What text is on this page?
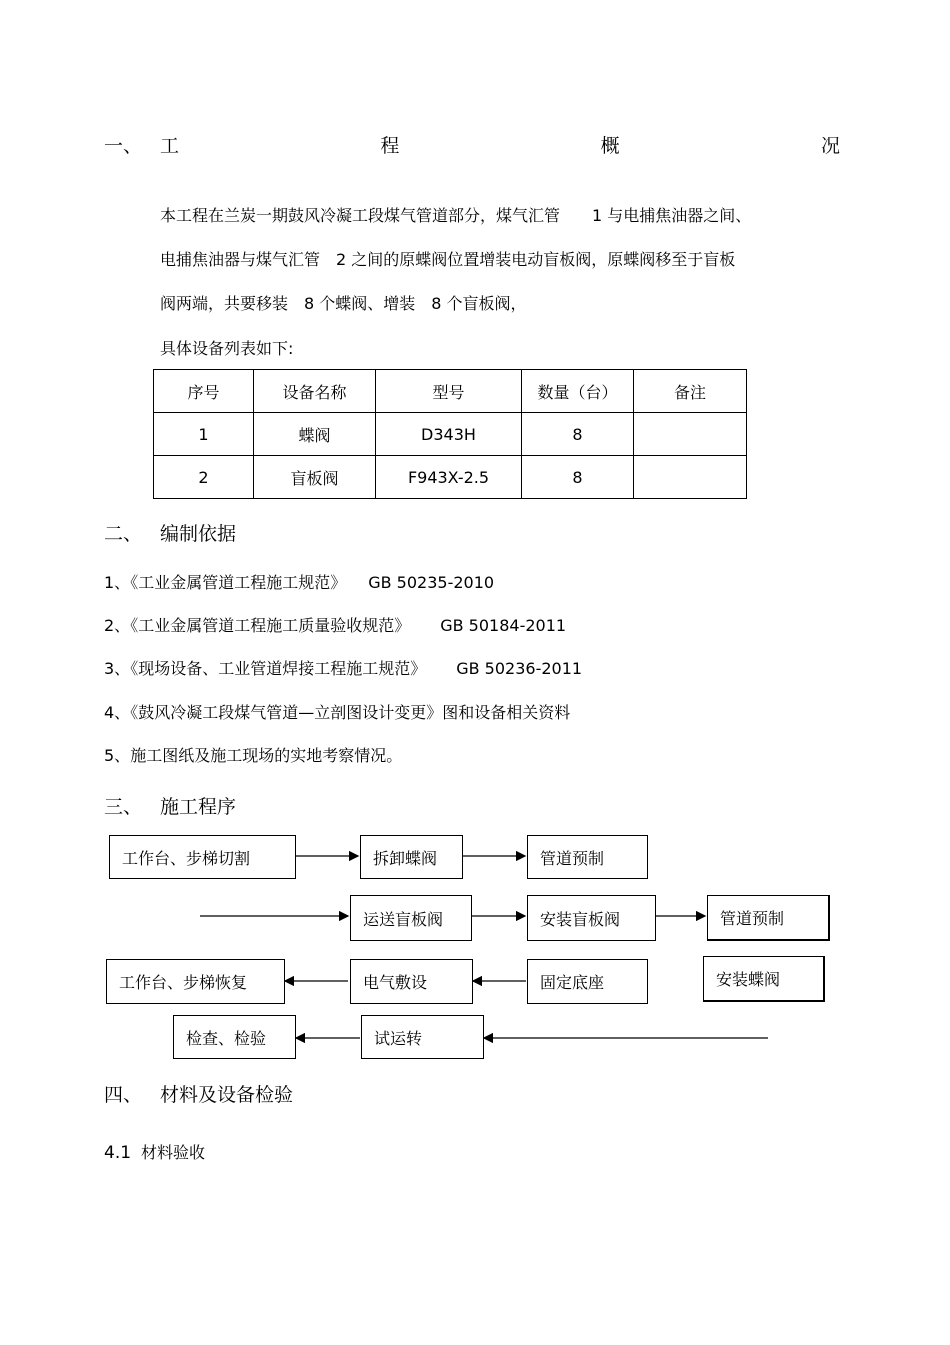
一、 工	程	概	况
本工程在兰炭一期鼓风冷凝工段煤气管道部分，煤气汇管　　1 与电捕焦油器之间、
电捕焦油器与煤气汇管　2 之间的原蝶阀位置增装电动盲板阀，原蝶阀移至于盲板
阀两端，共要移装　8 个蝶阀、增装　8 个盲板阀，
具体设备列表如下:
序号	设备名称	型号	数量（台）	备注
1	蝶阀	D343H	8	
2	盲板阀	F943X-2.5	8	
二、 编制依据
1、《工业金属管道工程施工规范》 GB 50235-2010
2、《工业金属管道工程施工质量验收规范》 GB 50184-2011
3、《现场设备、工业管道焊接工程施工规范》 GB 50236-2011
4、《鼓风冷凝工段煤气管道—立剖图设计变更》图和设备相关资料
5、施工图纸及施工现场的实地考察情况。
三、 施工程序
工作台、步梯切割	拆卸蝶阀	管道预制
运送盲板阀	安装盲板阀	管道预制
工作台、步梯恢复	电气敷设	固定底座	安装蝶阀
检查、检验	试运转
四、 材料及设备检验
4.1 材料验收
